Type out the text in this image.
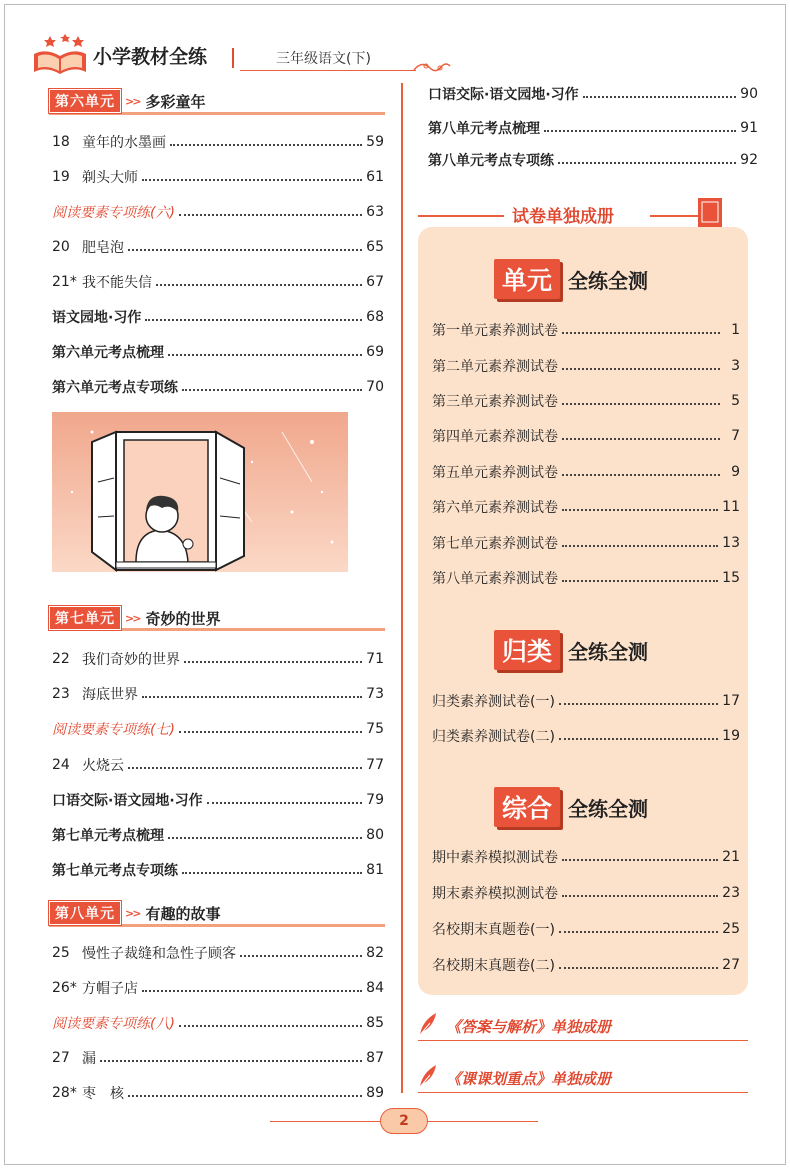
小学教材全练	三年级语文(下)
第六单元 >> 多彩童年
18 童年的水墨画	59
19 剃头大师	61
阅读要素专项练(六)	63
20 肥皂泡	65
21* 我不能失信	67
语文园地·习作	68
第六单元考点梳理	69
第六单元考点专项练	70
第七单元 >> 奇妙的世界
22 我们奇妙的世界	71
23 海底世界	73
阅读要素专项练(七)	75
24 火烧云	77
口语交际·语文园地·习作	79
第七单元考点梳理	80
第七单元考点专项练	81
第八单元 >> 有趣的故事
25 慢性子裁缝和急性子顾客	82
26* 方帽子店	84
阅读要素专项练(八)	85
27 漏	87
28* 枣　核	89
口语交际·语文园地·习作	90
第八单元考点梳理	91
第八单元考点专项练	92
试卷单独成册
单元 全练全测
第一单元素养测试卷	1
第二单元素养测试卷	3
第三单元素养测试卷	5
第四单元素养测试卷	7
第五单元素养测试卷	9
第六单元素养测试卷	11
第七单元素养测试卷	13
第八单元素养测试卷	15
归类 全练全测
归类素养测试卷(一)	17
归类素养测试卷(二)	19
综合 全练全测
期中素养模拟测试卷	21
期末素养模拟测试卷	23
名校期末真题卷(一)	25
名校期末真题卷(二)	27
《答案与解析》单独成册
《课课划重点》单独成册
2
